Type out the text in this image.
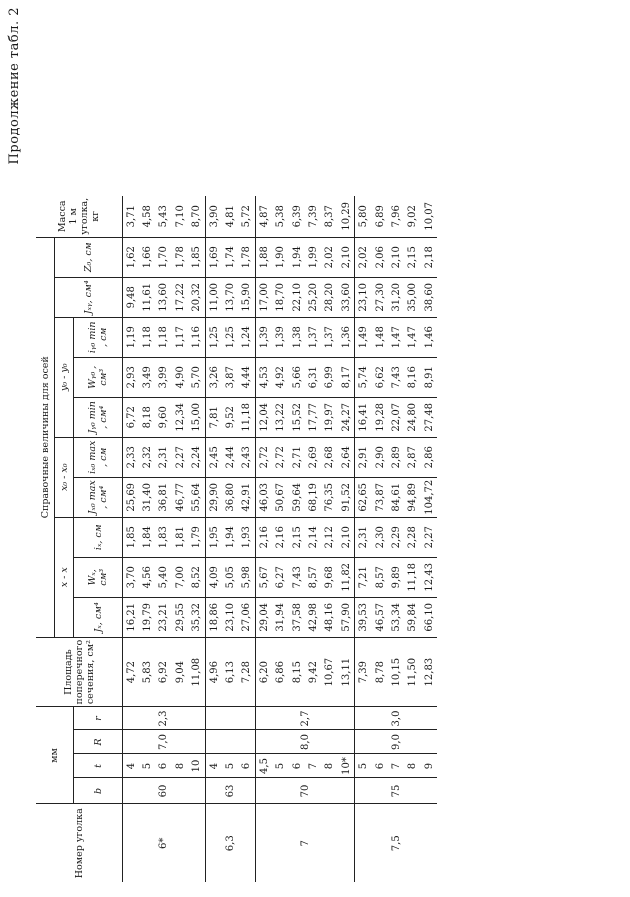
Продолжение табл. 2
Номер уголка	мм				Площадь поперечного сечения, см²	Справочные величины для осей										Масса 1 м уголка, кг
						x - x			x₀ - x₀		y₀ - y₀			Jₓᵧ, см⁴	Z₀, см	
	b	t	R	r		Jₓ, см⁴	Wₓ, см³	iₓ, см	Jₓ₀ max , см⁴	iₓ₀ max , см	Jᵧ₀ min , см⁴	Wᵧ₀ , см³	iᵧ₀ min , см			
6*	60	4	7,0	2,3	4,72	16,21	3,70	1,85	25,69	2,33	6,72	2,93	1,19	9,48	1,62	3,71
		5			5,83	19,79	4,56	1,84	31,40	2,32	8,18	3,49	1,18	11,61	1,66	4,58
		6			6,92	23,21	5,40	1,83	36,81	2,31	9,60	3,99	1,18	13,60	1,70	5,43
		8			9,04	29,55	7,00	1,81	46,77	2,27	12,34	4,90	1,17	17,22	1,78	7,10
		10			11,08	35,32	8,52	1,79	55,64	2,24	15,00	5,70	1,16	20,32	1,85	8,70
6,3	63	4			4,96	18,86	4,09	1,95	29,90	2,45	7,81	3,26	1,25	11,00	1,69	3,90
		5			6,13	23,10	5,05	1,94	36,80	2,44	9,52	3,87	1,25	13,70	1,74	4,81
		6			7,28	27,06	5,98	1,93	42,91	2,43	11,18	4,44	1,24	15,90	1,78	5,72
7	70	4,5	8,0	2,7	6,20	29,04	5,67	2,16	46,03	2,72	12,04	4,53	1,39	17,00	1,88	4,87
		5			6,86	31,94	6,27	2,16	50,67	2,72	13,22	4,92	1,39	18,70	1,90	5,38
		6			8,15	37,58	7,43	2,15	59,64	2,71	15,52	5,66	1,38	22,10	1,94	6,39
		7			9,42	42,98	8,57	2,14	68,19	2,69	17,77	6,31	1,37	25,20	1,99	7,39
		8			10,67	48,16	9,68	2,12	76,35	2,68	19,97	6,99	1,37	28,20	2,02	8,37
		10*			13,11	57,90	11,82	2,10	91,52	2,64	24,27	8,17	1,36	33,60	2,10	10,29
7,5	75	5	9,0	3,0	7,39	39,53	7,21	2,31	62,65	2,91	16,41	5,74	1,49	23,10	2,02	5,80
		6			8,78	46,57	8,57	2,30	73,87	2,90	19,28	6,62	1,48	27,30	2,06	6,89
		7			10,15	53,34	9,89	2,29	84,61	2,89	22,07	7,43	1,47	31,20	2,10	7,96
		8			11,50	59,84	11,18	2,28	94,89	2,87	24,80	8,16	1,47	35,00	2,15	9,02
		9			12,83	66,10	12,43	2,27	104,72	2,86	27,48	8,91	1,46	38,60	2,18	10,07
